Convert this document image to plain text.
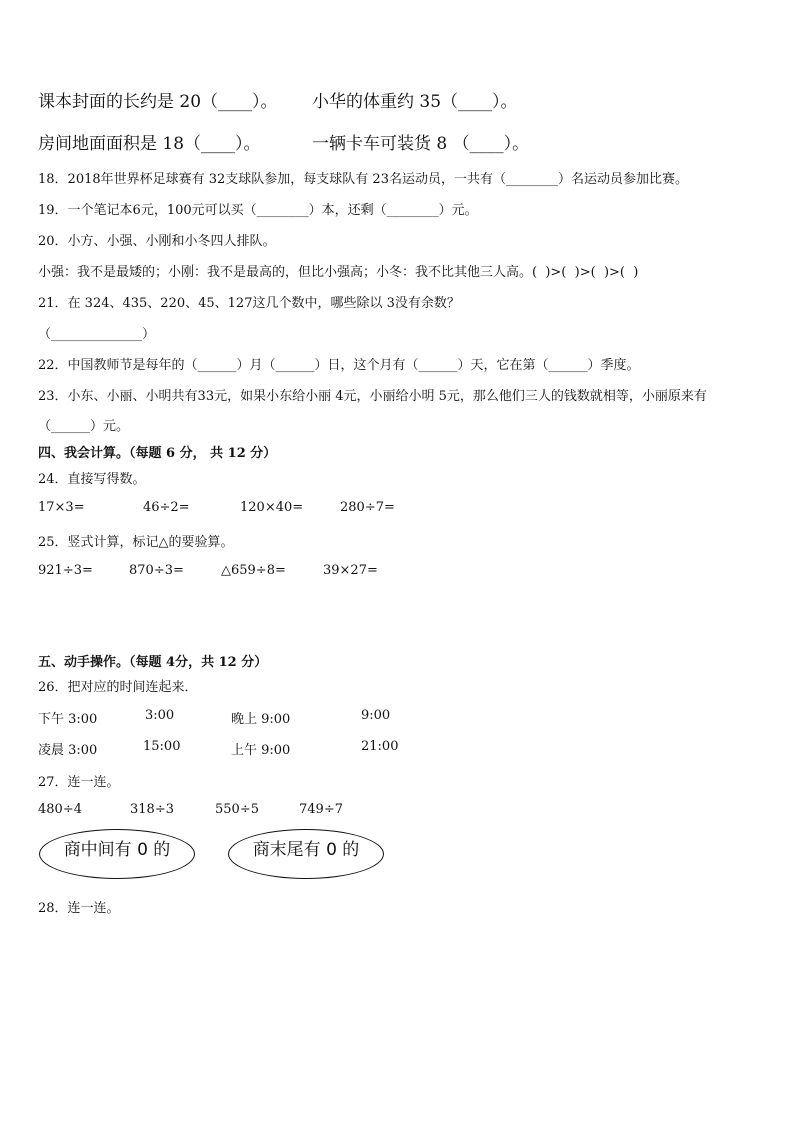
课本封面的长约是 20（____）。 小华的体重约 35（____）。
房间地面面积是 18（____）。	一辆卡车可装货 8 （____）。
18．2018年世界杯足球赛有 32支球队参加，每支球队有 23名运动员，一共有（________）名运动员参加比赛。
19．一个笔记本6元，100元可以买（________）本，还剩（________）元。
20．小方、小强、小刚和小冬四人排队。
小强：我不是最矮的；小刚：我不是最高的，但比小强高；小冬：我不比其他三人高。(  )>(  )>(  )>(  )
21．在 324、435、220、45、127这几个数中，哪些除以 3没有余数？
（______________）
22．中国教师节是每年的（______）月（______）日，这个月有（______）天，它在第（______）季度。
23．小东、小丽、小明共有33元，如果小东给小丽 4元，小丽给小明 5元，那么他们三人的钱数就相等，小丽原来有
（______）元。
四、我会计算。（每题 6 分， 共 12 分）
24．直接写得数。
17×3=	46÷2=	120×40=	280÷7=
25．竖式计算，标记△的要验算。
921÷3=	870÷3=	△659÷8=	39×27=
五、动手操作。（每题 4分，共 12 分）
26．把对应的时间连起来．
下午 3:00	3:00	晚上 9:00	9:00
凌晨 3:00	15:00	上午 9:00	21:00
27．连一连。
480÷4	318÷3	550÷5	749÷7
商中间有 0 的	商末尾有 0 的
28．连一连。
